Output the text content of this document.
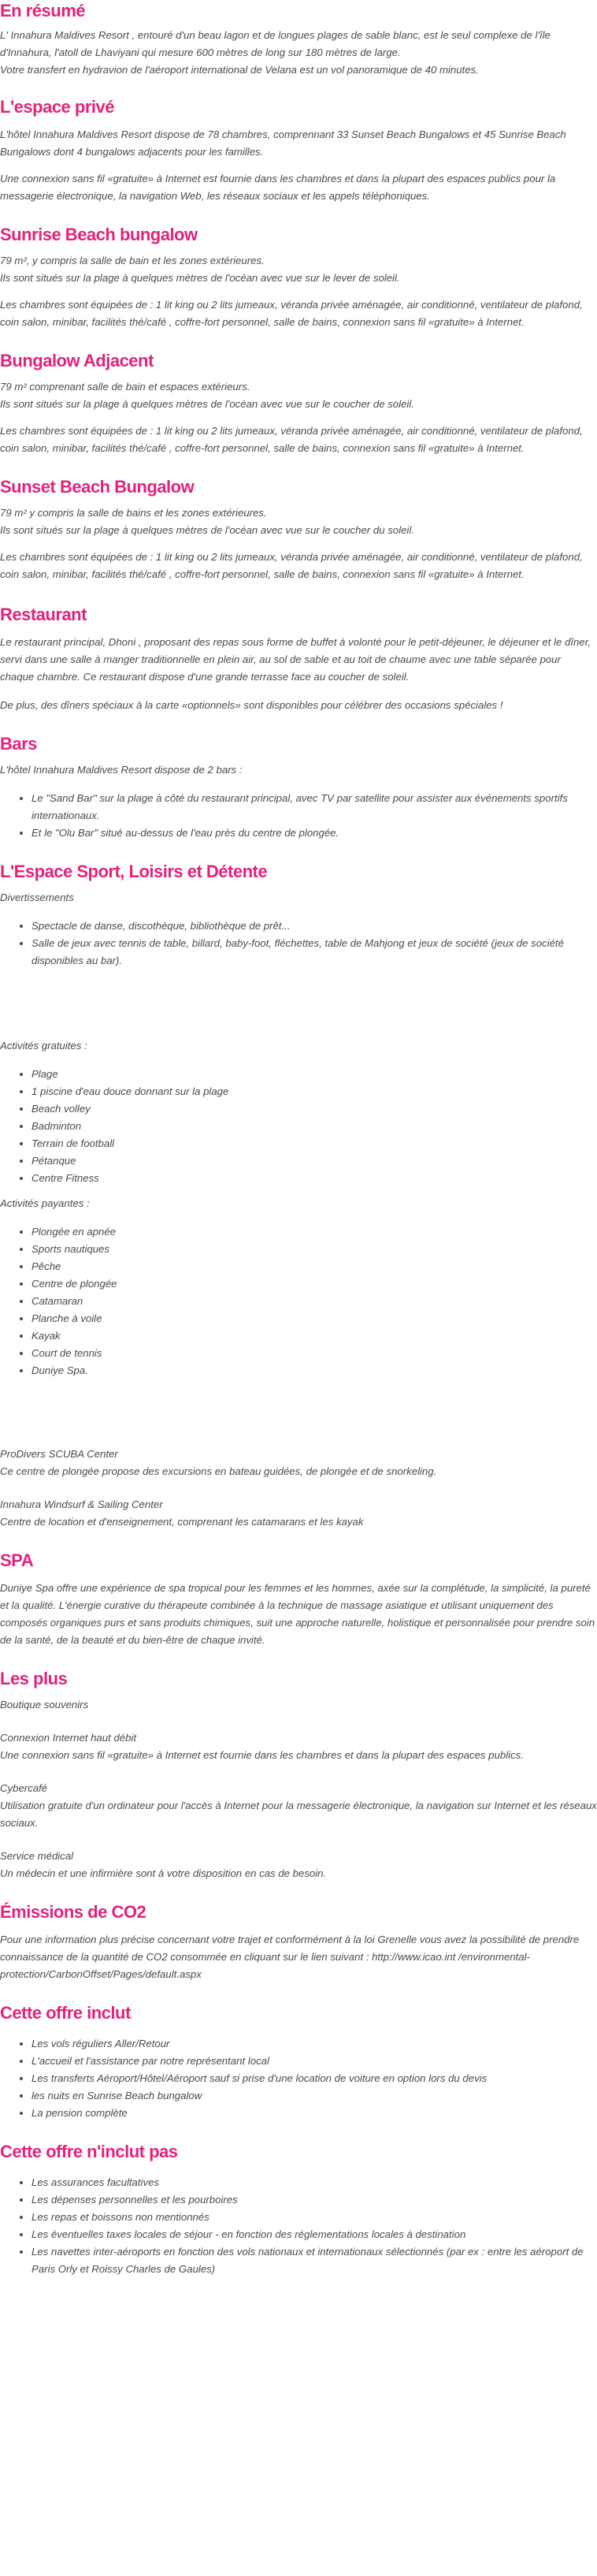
En résumé

L' Innahura Maldives Resort , entouré d'un beau lagon et de longues plages de sable blanc, est le seul complexe de l'île d'Innahura, l'atoll de Lhaviyani qui mesure 600 mètres de long sur 180 mètres de large.

Votre transfert en hydravion de l'aéroport international de Velana est un vol panoramique de 40 minutes.

L'espace privé

L'hôtel Innahura Maldives Resort dispose de 78 chambres, comprennant 33 Sunset Beach Bungalows et 45 Sunrise Beach Bungalows dont 4 bungalows adjacents pour les familles.

Une connexion sans fil «gratuite» à Internet est fournie dans les chambres et dans la plupart des espaces publics pour la messagerie électronique, la navigation Web, les réseaux sociaux et les appels téléphoniques.

Sunrise Beach bungalow

79 m², y compris la salle de bain et les zones extérieures.

Ils sont situés sur la plage à quelques mètres de l'océan avec vue sur le lever de soleil.

Les chambres sont équipées de : 1 lit king ou 2 lits jumeaux, véranda privée aménagée, air conditionné, ventilateur de plafond, coin salon, minibar, facilités thé/café , coffre-fort personnel, salle de bains, connexion sans fil «gratuite» à Internet.

Bungalow Adjacent

79 m² comprenant salle de bain et espaces extérieurs.

Ils sont situés sur la plage à quelques mètres de l'océan avec vue sur le coucher de soleil.

Les chambres sont équipées de : 1 lit king ou 2 lits jumeaux, véranda privée aménagée, air conditionné, ventilateur de plafond, coin salon, minibar, facilités thé/café , coffre-fort personnel, salle de bains, connexion sans fil «gratuite» à Internet.

Sunset Beach Bungalow

79 m² y compris la salle de bains et les zones extérieures.

Ils sont situés sur la plage à quelques mètres de l'océan avec vue sur le coucher du soleil.

Les chambres sont équipées de : 1 lit king ou 2 lits jumeaux, véranda privée aménagée, air conditionné, ventilateur de plafond, coin salon, minibar, facilités thé/café , coffre-fort personnel, salle de bains, connexion sans fil «gratuite» à Internet.

Restaurant

Le restaurant principal, Dhoni , proposant des repas sous forme de buffet à volonté pour le petit-déjeuner, le déjeuner et le dîner, servi dans une salle à manger traditionnelle en plein air, au sol de sable et au toit de chaume avec une table séparée pour chaque chambre. Ce restaurant dispose d'une grande terrasse face au coucher de soleil.

De plus, des dîners spéciaux à la carte «optionnels» sont disponibles pour célébrer des occasions spéciales !

Bars

L'hôtel Innahura Maldives Resort dispose de 2 bars :

• Le "Sand Bar" sur la plage à côté du restaurant principal, avec TV par satellite pour assister aux événements sportifs internationaux.
• Et le "Olu Bar" situé au-dessus de l'eau près du centre de plongée.
L'Espace Sport, Loisirs et Détente

Divertissements

• Spectacle de danse, discothèque, bibliothèque de prêt...
• Salle de jeux avec tennis de table, billard, baby-foot, fléchettes, table de Mahjong et jeux de société (jeux de société disponibles au bar).

Activités gratuites :

• Plage
• 1 piscine d'eau douce donnant sur la plage
• Beach volley
• Badminton
• Terrain de football
• Pétanque
• Centre Fitness

Activités payantes :

• Plongée en apnée
• Sports nautiques
• Pêche
• Centre de plongée
• Catamaran
• Planche à voile
• Kayak
• Court de tennis
• Duniye Spa.

ProDivers SCUBA Center

Ce centre de plongée propose des excursions en bateau guidées, de plongée et de snorkeling.

Innahura Windsurf & Sailing Center

Centre de location et d'enseignement, comprenant les catamarans et les kayak

SPA

Duniye Spa offre une expérience de spa tropical pour les femmes et les hommes, axée sur la complétude, la simplicité, la pureté et la qualité. L'énergie curative du thérapeute combinée à la technique de massage asiatique et utilisant uniquement des composés organiques purs et sans produits chimiques, suit une approche naturelle, holistique et personnalisée pour prendre soin de la santé, de la beauté et du bien-être de chaque invité.

Les plus

Boutique souvenirs

Connexion Internet haut débit

Une connexion sans fil «gratuite» à Internet est fournie dans les chambres et dans la plupart des espaces publics.

Cybercafé

Utilisation gratuite d'un ordinateur pour l'accès à Internet pour la messagerie électronique, la navigation sur Internet et les réseaux sociaux.

Service médical

Un médecin et une infirmière sont à votre disposition en cas de besoin.

Émissions de CO2

Pour une information plus précise concernant votre trajet et conformément à la loi Grenelle vous avez la possibilité de prendre connaissance de la quantité de CO2 consommée en cliquant sur le lien suivant : http://www.icao.int /environmental-protection/CarbonOffset/Pages/default.aspx

Cette offre inclut
• Les vols réguliers Aller/Retour
• L'accueil et l'assistance par notre représentant local
• Les transferts Aéroport/Hôtel/Aéroport sauf si prise d'une location de voiture en option lors du devis
• les nuits en Sunrise Beach bungalow
• La pension complète
Cette offre n'inclut pas
• Les assurances facultatives
• Les dépenses personnelles et les pourboires
• Les repas et boissons non mentionnés
• Les éventuelles taxes locales de séjour - en fonction des réglementations locales à destination
• Les navettes inter-aéroports en fonction des vols nationaux et internationaux sélectionnés (par ex : entre les aéroport de Paris Orly et Roissy Charles de Gaules)
